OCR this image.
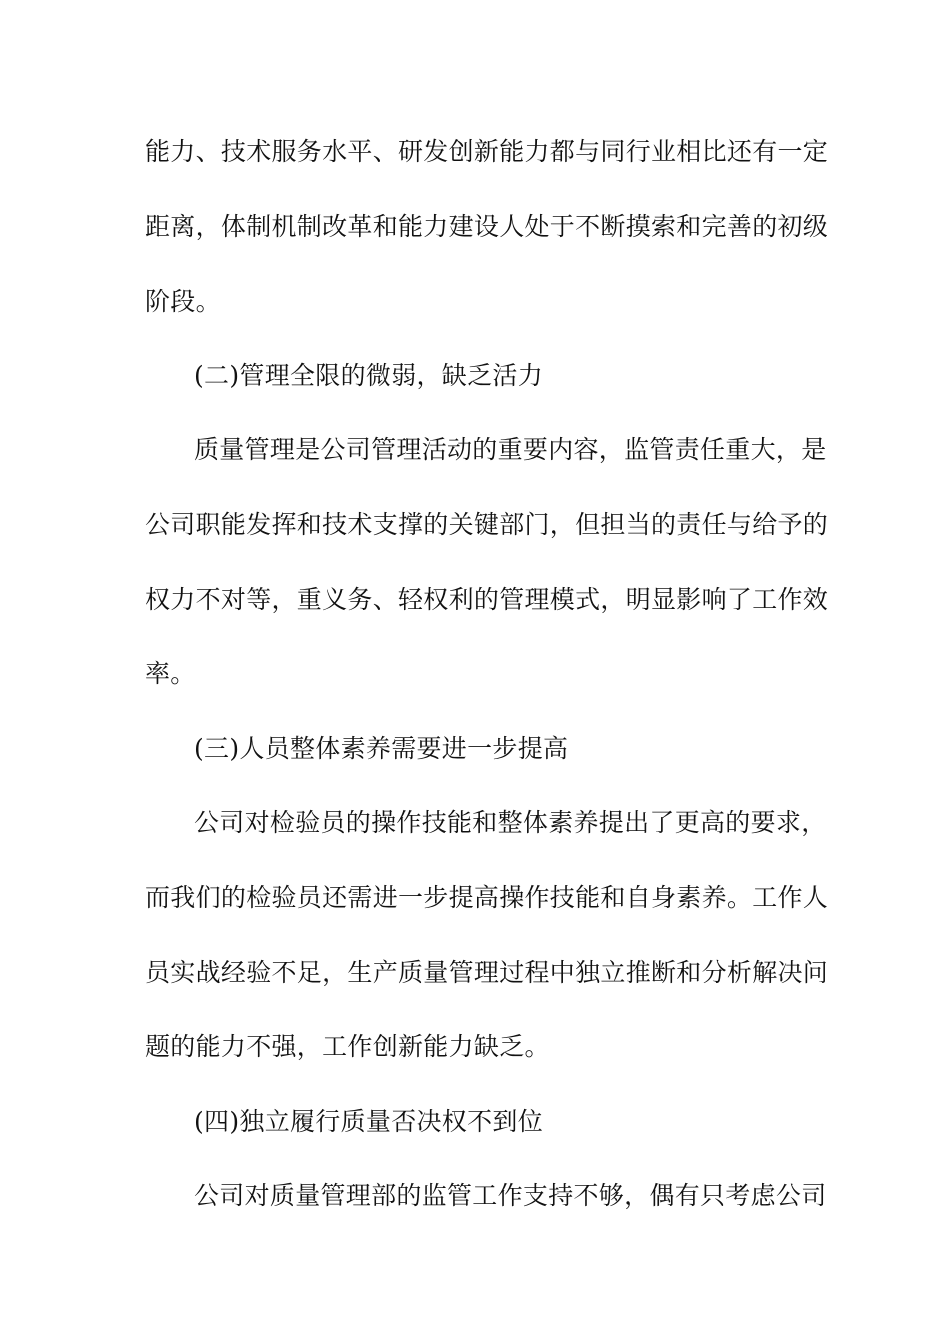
能力、技术服务水平、研发创新能力都与同行业相比还有一定

距离，体制机制改革和能力建设人处于不断摸索和完善的初级

阶段。

(二)管理全限的微弱，缺乏活力

质量管理是公司管理活动的重要内容，监管责任重大，是

公司职能发挥和技术支撑的关键部门，但担当的责任与给予的

权力不对等，重义务、轻权利的管理模式，明显影响了工作效

率。

(三)人员整体素养需要进一步提高

公司对检验员的操作技能和整体素养提出了更高的要求，

而我们的检验员还需进一步提高操作技能和自身素养。工作人

员实战经验不足，生产质量管理过程中独立推断和分析解决问

题的能力不强，工作创新能力缺乏。

(四)独立履行质量否决权不到位

公司对质量管理部的监管工作支持不够，偶有只考虑公司
